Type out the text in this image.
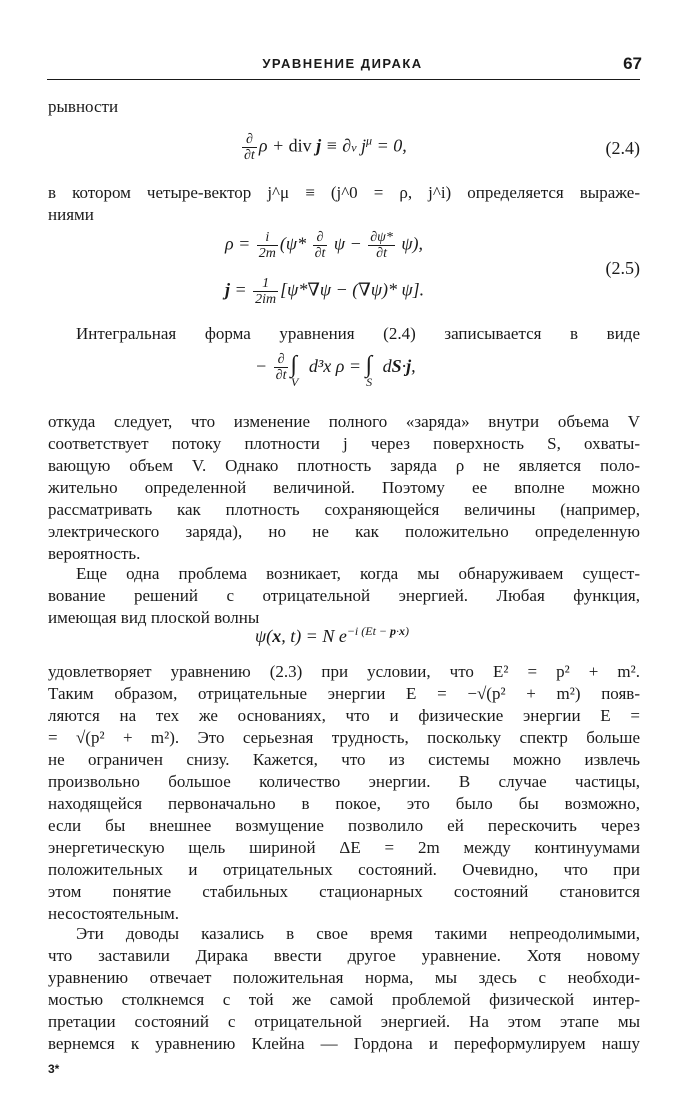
УРАВНЕНИЕ ДИРАКА	67
рывности
$\frac{\partial}{\partial t}$ ρ + div j ≡ ∂ν $j^\mu = 0$,	(2.4)
в котором четыре-вектор j^μ ≡ (j^0 = ρ, j^i) определяется выраже-
ниями
$\rho = \frac{i}{2m} (\psi* \frac{\partial}{\partial t}$ $\psi - \frac{\partial\psi*}{\partial t} \psi$),
$j = \frac{1}{2im} [\psi*\nabla\psi - (\nabla\psi)*$ ψ].
(2.5)
Интегральная форма уравнения (2.4) записывается в виде
− $\frac{\partial}{\partial t} \int_V$ d³x $\rho = \int_S$ dS·j,
откуда следует, что изменение полного «заряда» внутри объема V
соответствует потоку плотности j через поверхность S, охваты-
вающую объем V. Однако плотность заряда ρ не является поло-
жительно определенной величиной. Поэтому ее вполне можно
рассматривать как плотность сохраняющейся величины (например,
электрического заряда), но не как положительно определенную
вероятность.
Еще одна проблема возникает, когда мы обнаруживаем сущест-
вование решений с отрицательной энергией. Любая функция,
имеющая вид плоской волны
ψ(x, t) = N $e^{-i (Et - p\cdot x)}$
удовлетворяет уравнению (2.3) при условии, что E² = p² + m².
Таким образом, отрицательные энергии E = −√(p² + m²) появ-
ляются на тех же основаниях, что и физические энергии E =
= √(p² + m²). Это серьезная трудность, поскольку спектр больше
не ограничен снизу. Кажется, что из системы можно извлечь
произвольно большое количество энергии. В случае частицы,
находящейся первоначально в покое, это было бы возможно,
если бы внешнее возмущение позволило ей перескочить через
энергетическую щель шириной ΔE = 2m между континуумами
положительных и отрицательных состояний. Очевидно, что при
этом понятие стабильных стационарных состояний становится
несостоятельным.
Эти доводы казались в свое время такими непреодолимыми,
что заставили Дирака ввести другое уравнение. Хотя новому
уравнению отвечает положительная норма, мы здесь с необходи-
мостью столкнемся с той же самой проблемой физической интер-
претации состояний с отрицательной энергией. На этом этапе мы
вернемся к уравнению Клейна — Гордона и переформулируем нашу
3*
